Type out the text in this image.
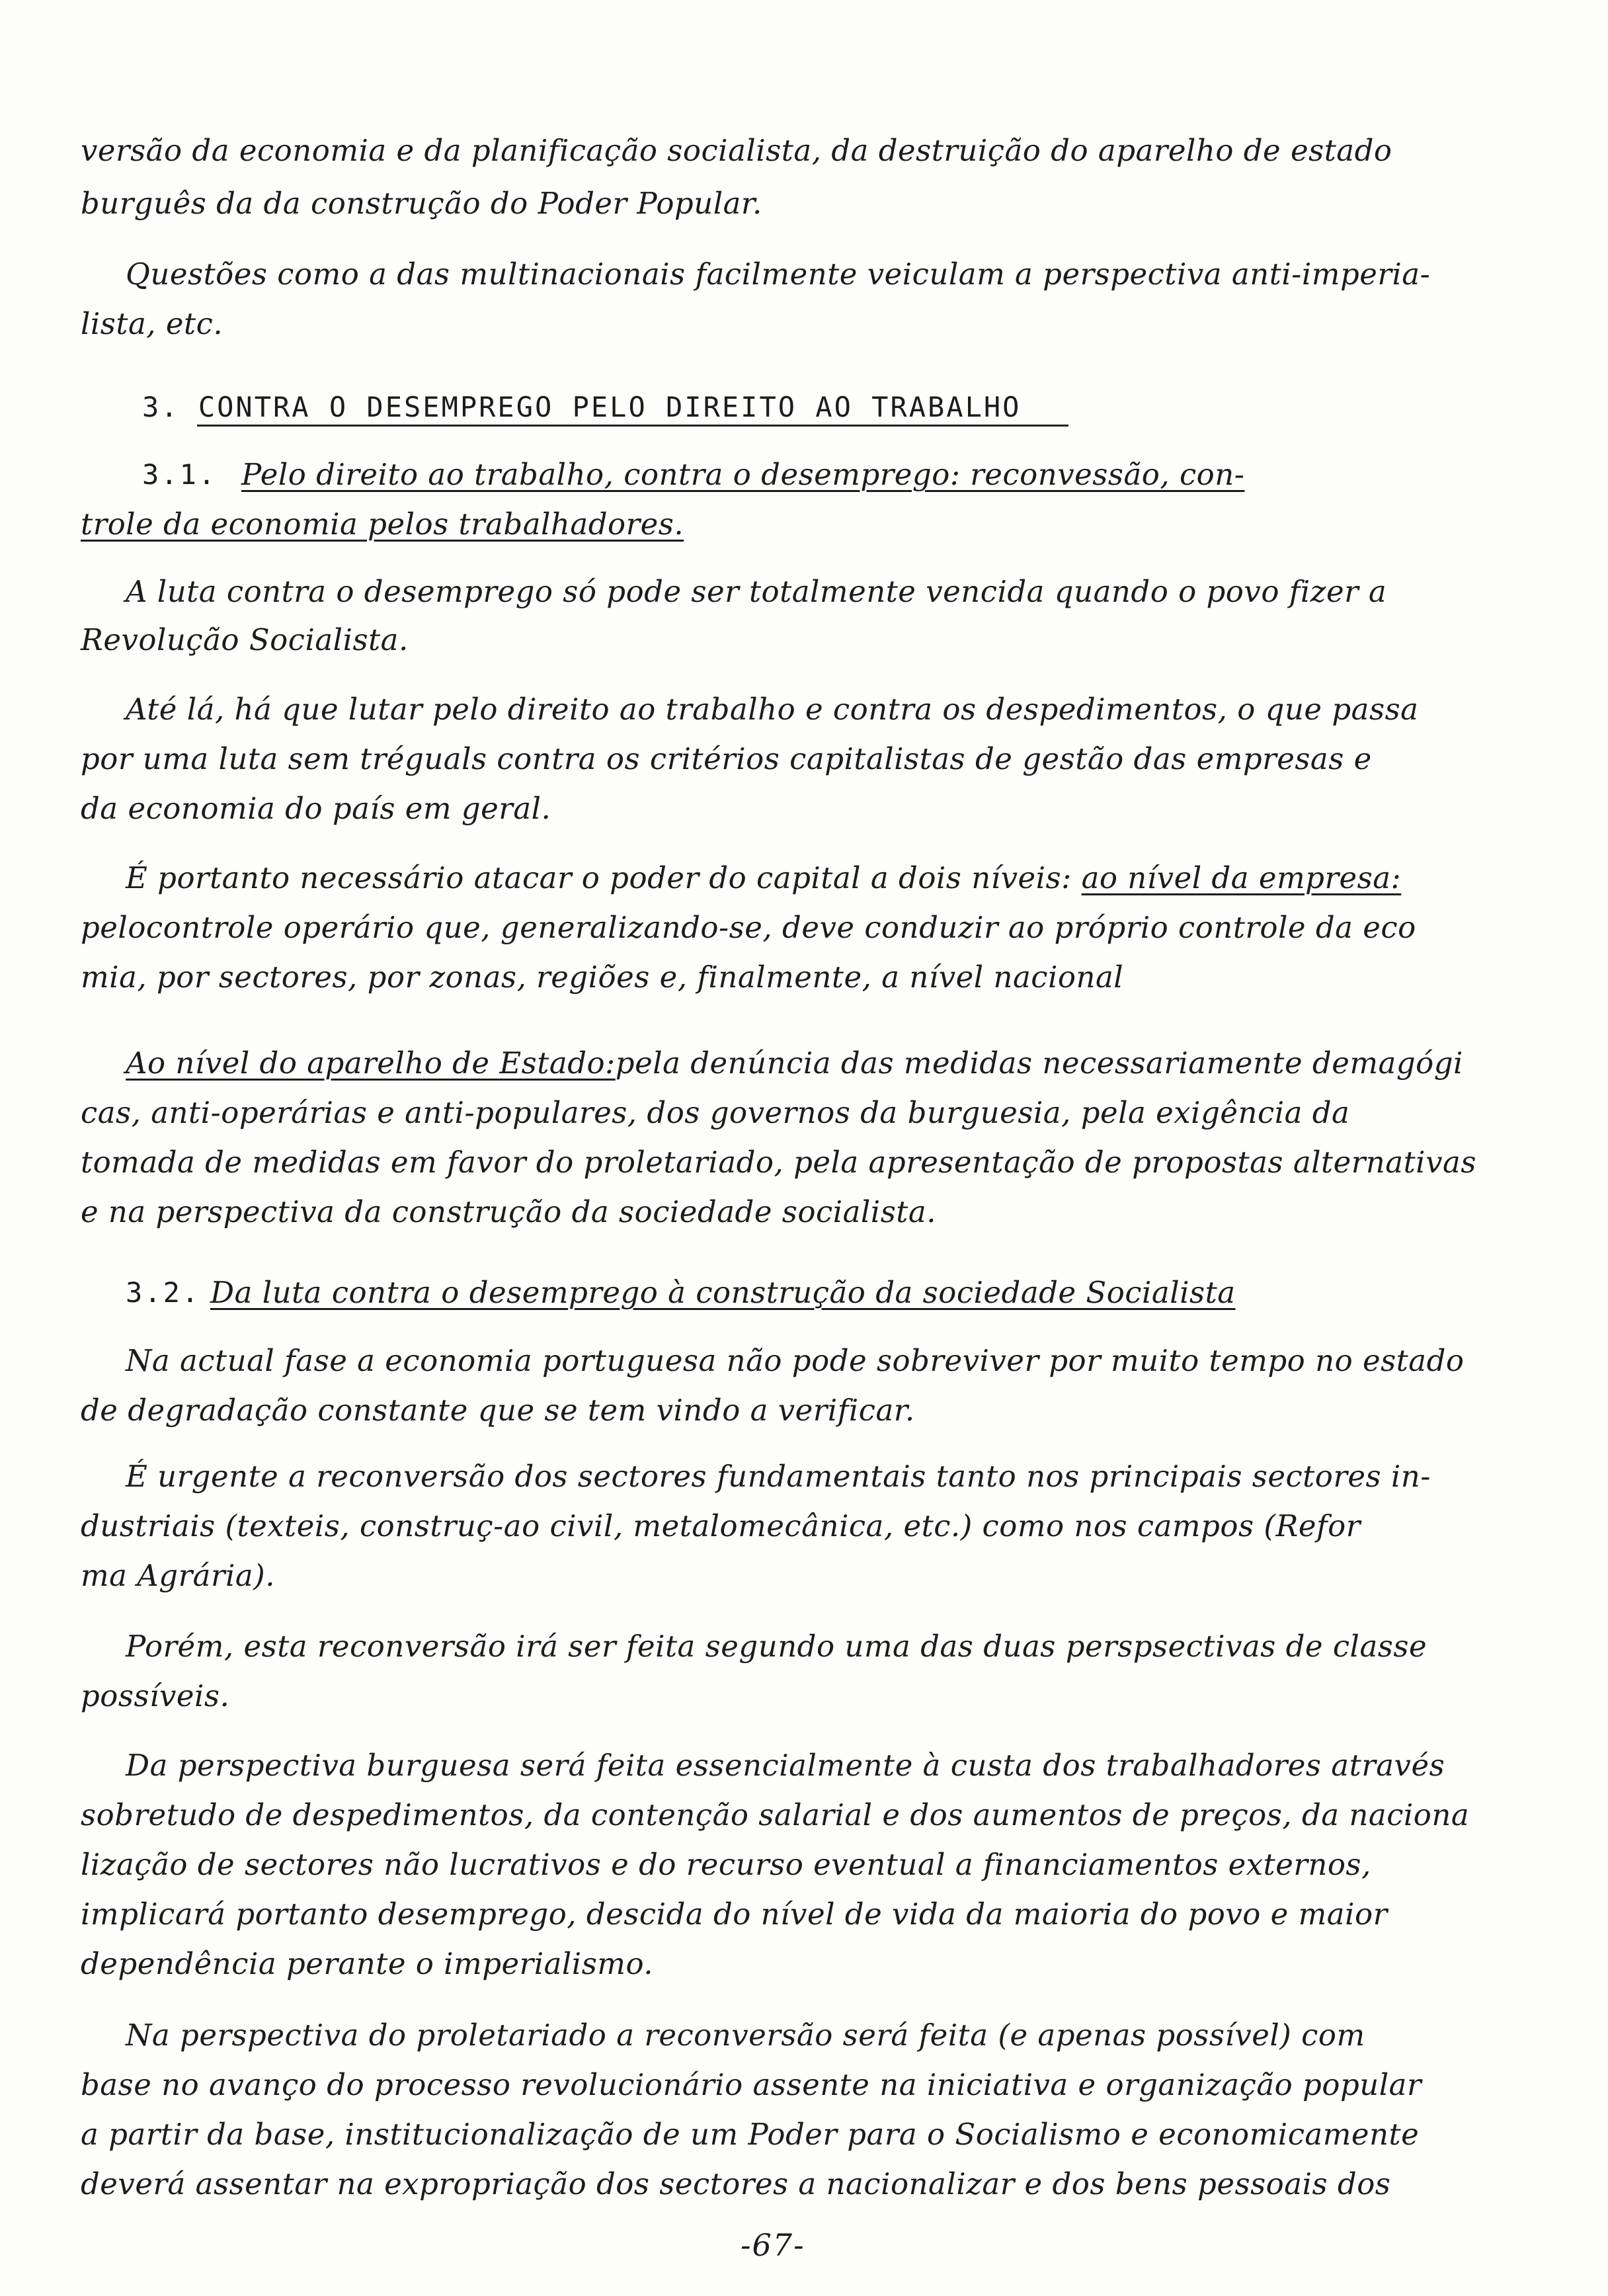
versão da economia e da planificação socialista, da destruição do aparelho de estado
burguês da da construção do Poder Popular.
Questões como a das multinacionais facilmente veiculam a perspectiva anti-imperia-
lista, etc.
3. CONTRA O DESEMPREGO PELO DIREITO AO TRABALHO
3.1. Pelo direito ao trabalho, contra o desemprego: reconvessão, con-
trole da economia pelos trabalhadores.
A luta contra o desemprego só pode ser totalmente vencida quando o povo fizer a
Revolução Socialista.
Até lá, há que lutar pelo direito ao trabalho e contra os despedimentos, o que passa
por uma luta sem tréguals contra os critérios capitalistas de gestão das empresas e
da economia do país em geral.
É portanto necessário atacar o poder do capital a dois níveis: ao nível da empresa:
pelocontrole operário que, generalizando-se, deve conduzir ao próprio controle da eco
mia, por sectores, por zonas, regiões e, finalmente, a nível nacional
Ao nível do aparelho de Estado:pela denúncia das medidas necessariamente demagógi
cas, anti-operárias e anti-populares, dos governos da burguesia, pela exigência da
tomada de medidas em favor do proletariado, pela apresentação de propostas alternativas
e na perspectiva da construção da sociedade socialista.
3.2. Da luta contra o desemprego à construção da sociedade Socialista
Na actual fase a economia portuguesa não pode sobreviver por muito tempo no estado
de degradação constante que se tem vindo a verificar.
É urgente a reconversão dos sectores fundamentais tanto nos principais sectores in-
dustriais (texteis, construç-ao civil, metalomecânica, etc.) como nos campos (Refor
ma Agrária).
Porém, esta reconversão irá ser feita segundo uma das duas perspsectivas de classe
possíveis.
Da perspectiva burguesa será feita essencialmente à custa dos trabalhadores através
sobretudo de despedimentos, da contenção salarial e dos aumentos de preços, da naciona
lização de sectores não lucrativos e do recurso eventual a financiamentos externos,
implicará portanto desemprego, descida do nível de vida da maioria do povo e maior
dependência perante o imperialismo.
Na perspectiva do proletariado a reconversão será feita (e apenas possível) com
base no avanço do processo revolucionário assente na iniciativa e organização popular
a partir da base, institucionalização de um Poder para o Socialismo e economicamente
deverá assentar na expropriação dos sectores a nacionalizar e dos bens pessoais dos
-67-
